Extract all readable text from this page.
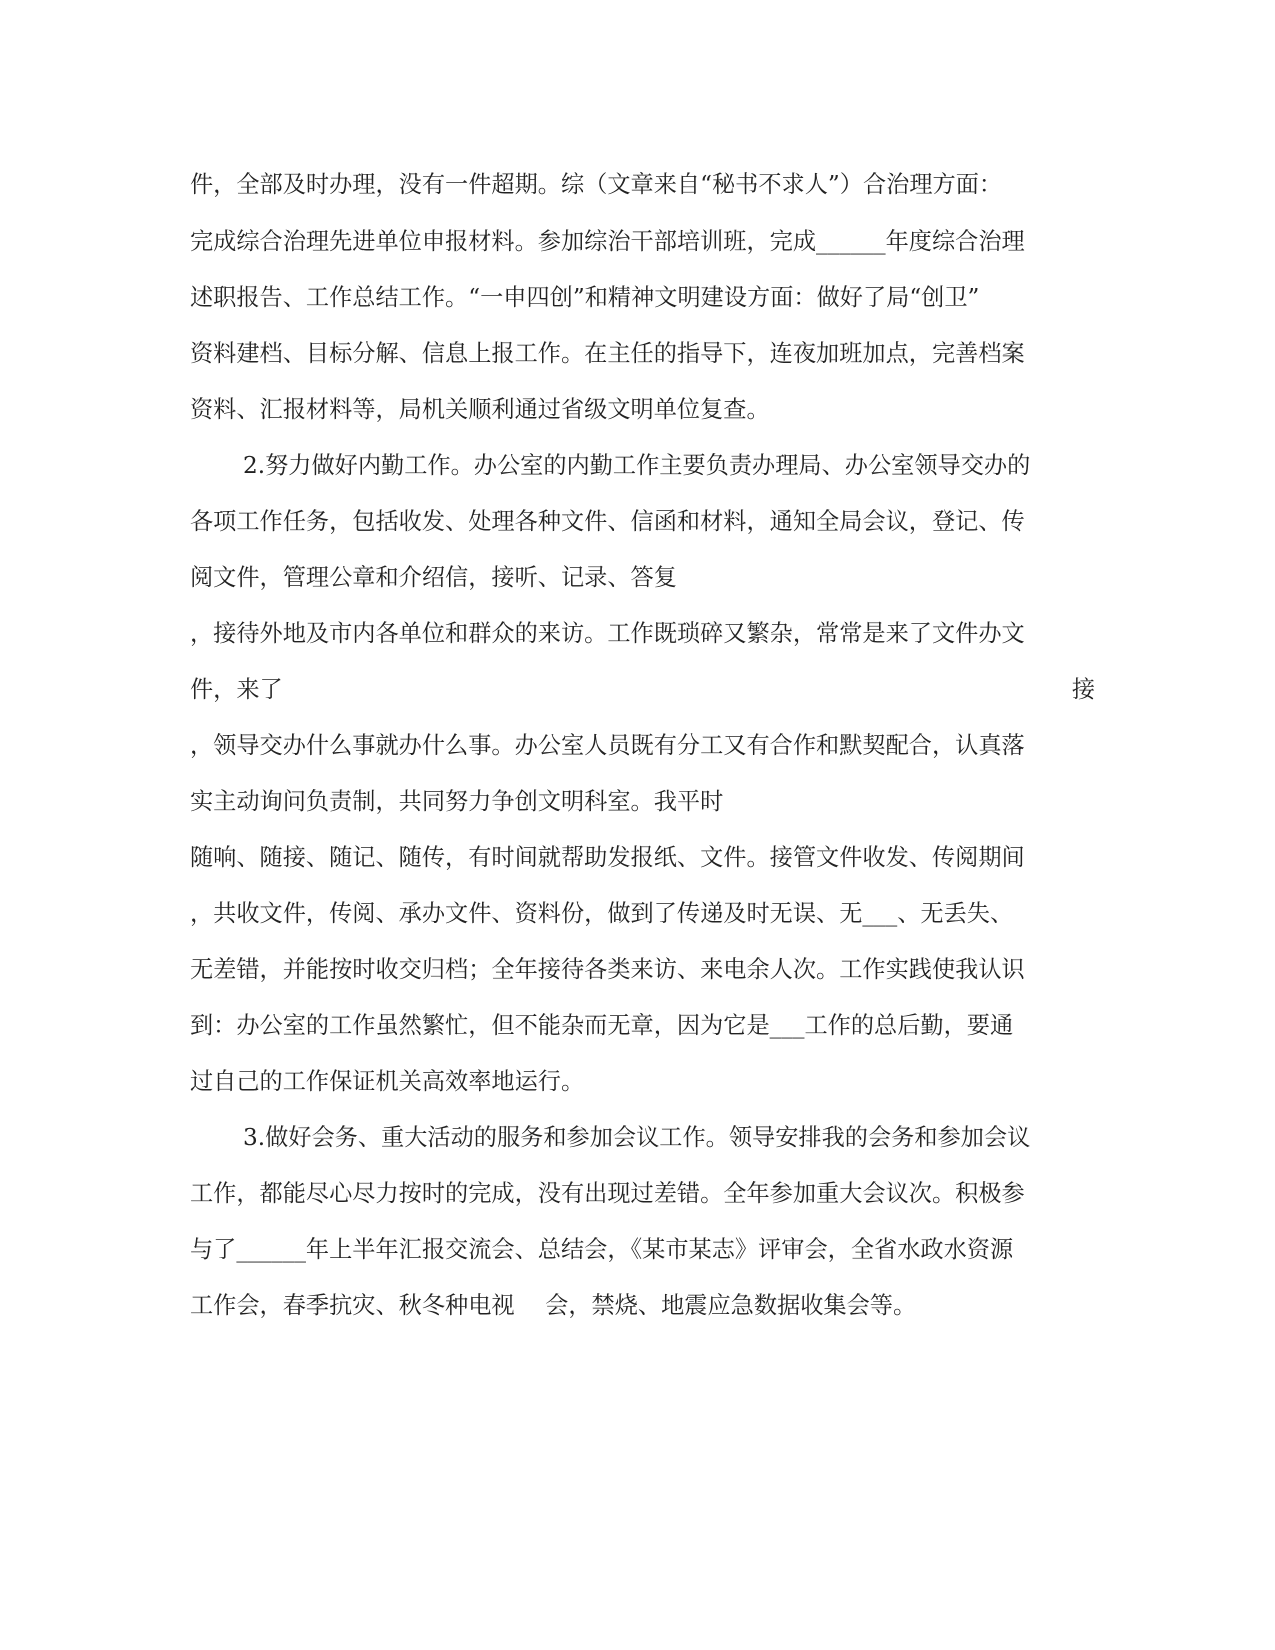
件，全部及时办理，没有一件超期。综（文章来自“秘书不求人”）合治理方面：
完成综合治理先进单位申报材料。参加综治干部培训班，完成______年度综合治理
述职报告、工作总结工作。“一申四创”和精神文明建设方面：做好了局“创卫”
资料建档、目标分解、信息上报工作。在主任的指导下，连夜加班加点，完善档案
资料、汇报材料等，局机关顺利通过省级文明单位复查。
2.努力做好内勤工作。办公室的内勤工作主要负责办理局、办公室领导交办的
各项工作任务，包括收发、处理各种文件、信函和材料，通知全局会议，登记、传
阅文件，管理公章和介绍信，接听、记录、答复
，接待外地及市内各单位和群众的来访。工作既琐碎又繁杂，常常是来了文件办文
件，来了	接
，领导交办什么事就办什么事。办公室人员既有分工又有合作和默契配合，认真落
实主动询问负责制，共同努力争创文明科室。我平时
随响、随接、随记、随传，有时间就帮助发报纸、文件。接管文件收发、传阅期间
，共收文件，传阅、承办文件、资料份，做到了传递及时无误、无___、无丢失、
无差错，并能按时收交归档；全年接待各类来访、来电余人次。工作实践使我认识
到：办公室的工作虽然繁忙，但不能杂而无章，因为它是___工作的总后勤，要通
过自己的工作保证机关高效率地运行。
3.做好会务、重大活动的服务和参加会议工作。领导安排我的会务和参加会议
工作，都能尽心尽力按时的完成，没有出现过差错。全年参加重大会议次。积极参
与了______年上半年汇报交流会、总结会，《某市某志》评审会，全省水政水资源
工作会，春季抗灾、秋冬种电视　 会，禁烧、地震应急数据收集会等。
